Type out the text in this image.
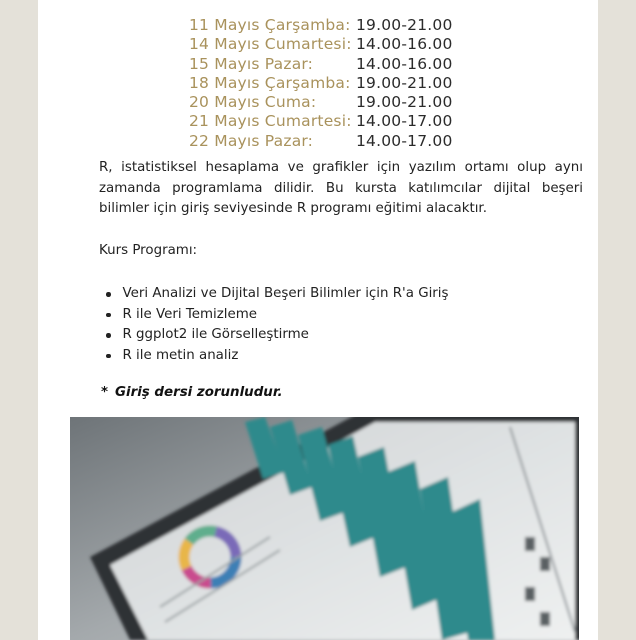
11 Mayıs Çarşamba: 19.00-21.00
14 Mayıs Cumartesi: 14.00-16.00
15 Mayıs Pazar:	14.00-16.00
18 Mayıs Çarşamba: 19.00-21.00
20 Mayıs Cuma:	19.00-21.00
21 Mayıs Cumartesi: 14.00-17.00
22 Mayıs Pazar:	14.00-17.00

R, istatistiksel hesaplama ve grafikler için yazılım ortamı olup aynı zamanda programlama dilidir. Bu kursta katılımcılar dijital beşeri bilimler için giriş seviyesinde R programı eğitimi alacaktır.

Kurs Programı:
Veri Analizi ve Dijital Beşeri Bilimler için R'a Giriş
R ile Veri Temizleme
R ggplot2 ile Görselleştirme
R ile metin analiz
* Giriş dersi zorunludur.
